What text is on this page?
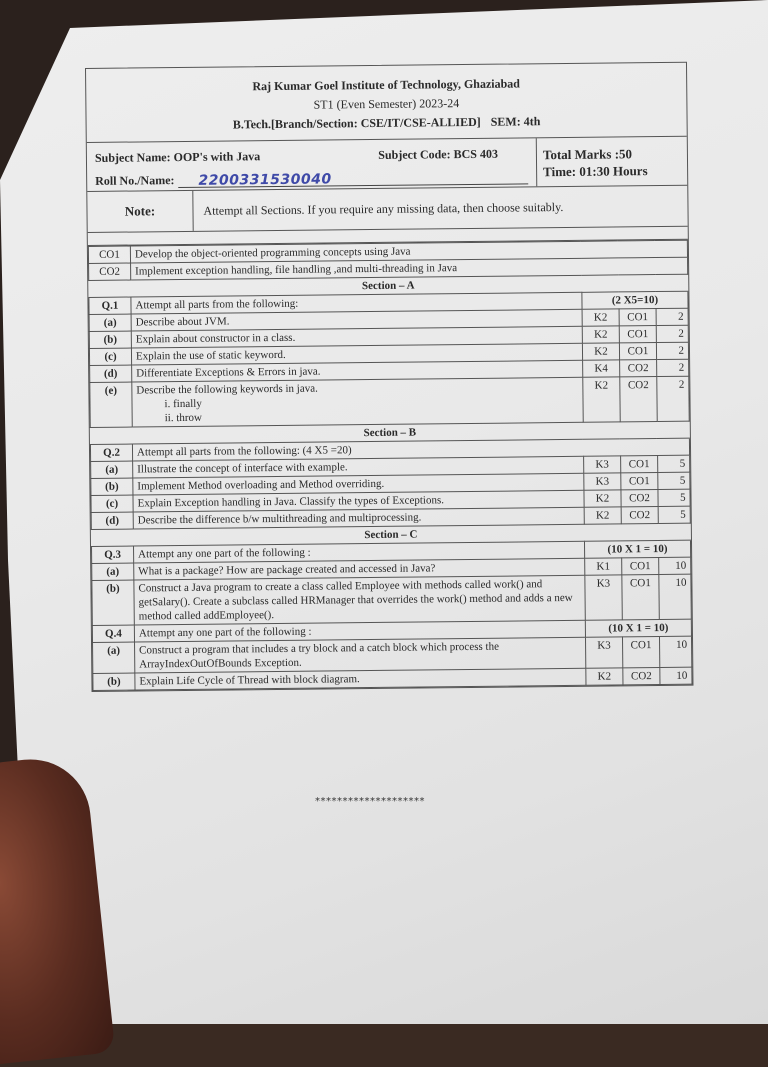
Raj Kumar Goel Institute of Technology, Ghaziabad
ST1 (Even Semester) 2023-24
B.Tech.[Branch/Section: CSE/IT/CSE-ALLIED] SEM: 4th
Subject Name: OOP's with Java	Subject Code: BCS 403
Roll No./Name: 2200331530040
Total Marks :50
Time: 01:30 Hours
Note:	Attempt all Sections. If you require any missing data, then choose suitably.
CO1	Develop the object-oriented programming concepts using Java			
CO2	Implement exception handling, file handling ,and multi-threading in Java			
Section – A				
Q.1	Attempt all parts from the following:	(2 X5=10)		
(a)	Describe about JVM.	K2	CO1	2
(b)	Explain about constructor in a class.	K2	CO1	2
(c)	Explain the use of static keyword.	K2	CO1	2
(d)	Differentiate Exceptions & Errors in java.	K4	CO2	2
(e)	Describe the following keywords in java.
i. finally
ii. throw	K2	CO2	2
Section – B				
Q.2	Attempt all parts from the following: (4 X5 =20)			
(a)	Illustrate the concept of interface with example.	K3	CO1	5
(b)	Implement Method overloading and Method overriding.	K3	CO1	5
(c)	Explain Exception handling in Java. Classify the types of Exceptions.	K2	CO2	5
(d)	Describe the difference b/w multithreading and multiprocessing.	K2	CO2	5
Section – C				
Q.3	Attempt any one part of the following :	(10 X 1 = 10)		
(a)	What is a package? How are package created and accessed in Java?	K1	CO1	10
(b)	Construct a Java program to create a class called Employee with methods called work() and getSalary(). Create a subclass called HRManager that overrides the work() method and adds a new method called addEmployee().	K3	CO1	10
Q.4	Attempt any one part of the following :	(10 X 1 = 10)		
(a)	Construct a program that includes a try block and a catch block which process the ArrayIndexOutOfBounds Exception.	K3	CO1	10
(b)	Explain Life Cycle of Thread with block diagram.	K2	CO2	10
********************
